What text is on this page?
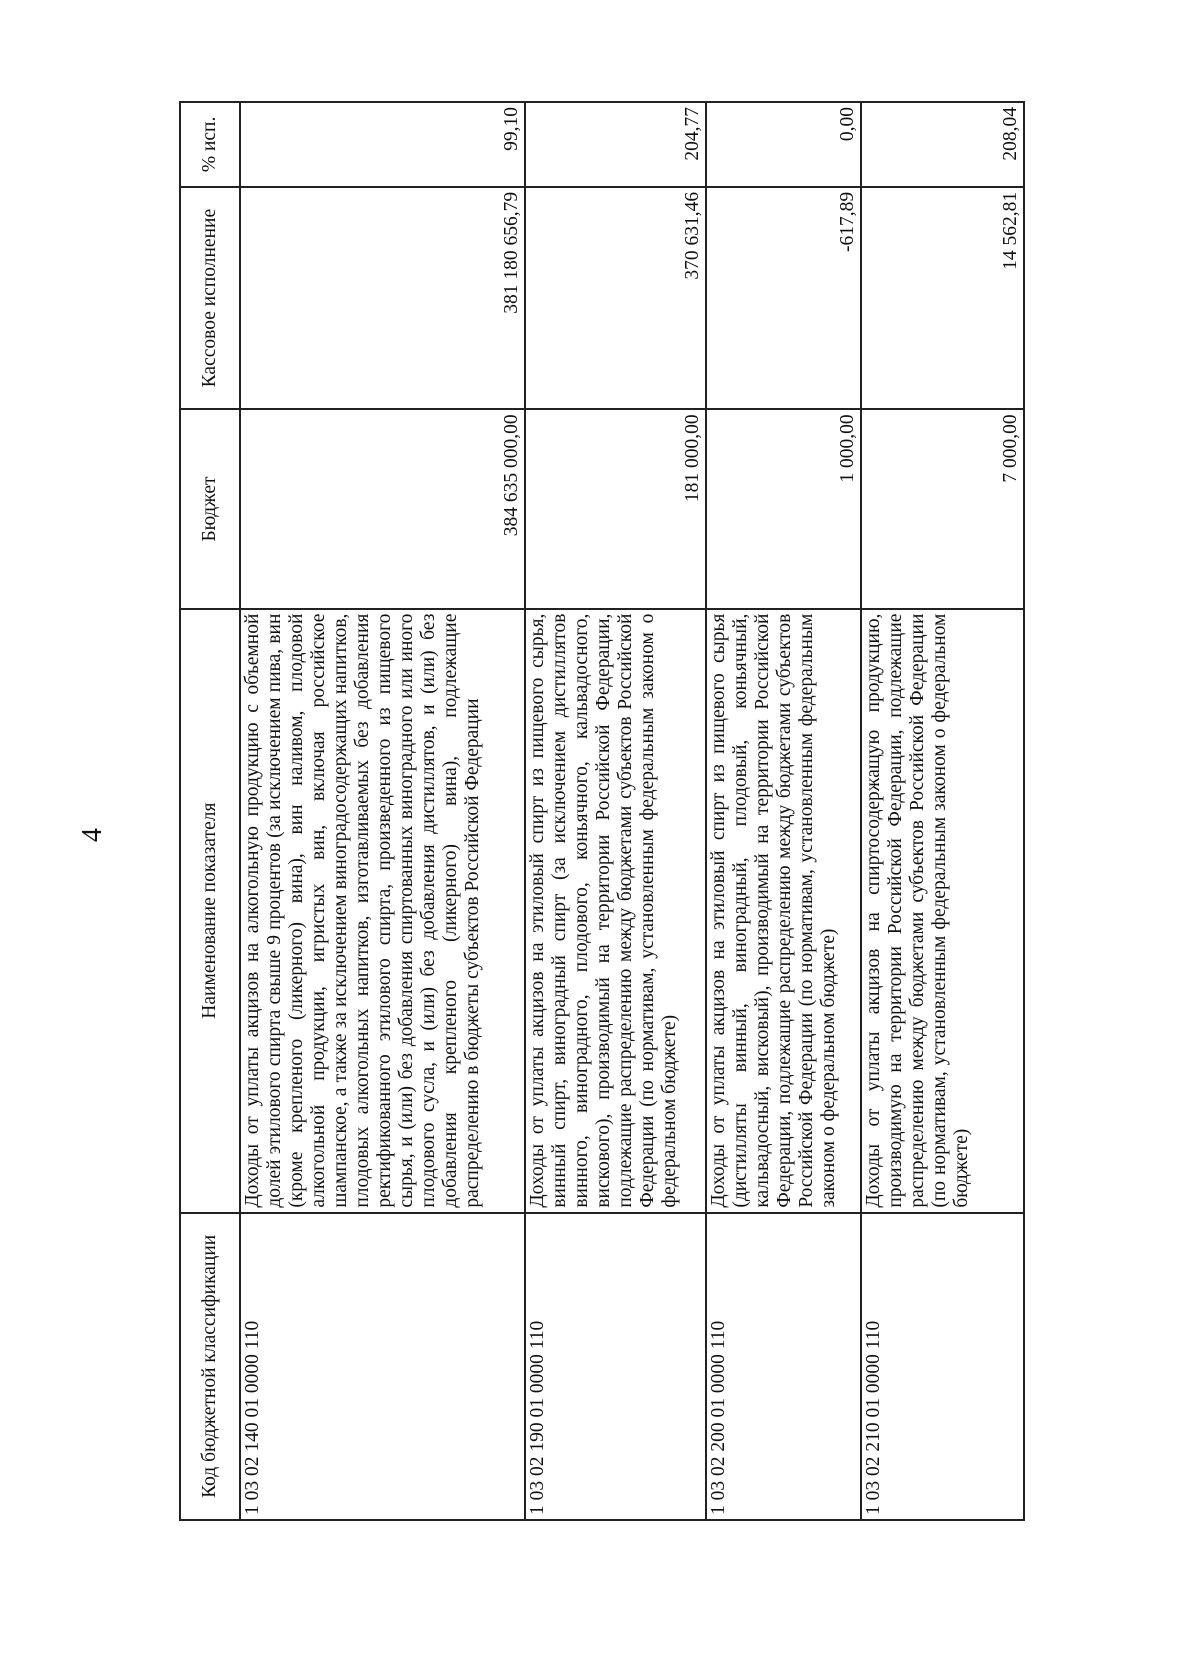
4
Код бюджетной классификации	Наименование показателя	Бюджет	Кассовое исполнение	% исп.
1 03 02 140 01 0000 110	Доходы от уплаты акцизов на алкогольную продукцию с объемной долей этилового спирта свыше 9 процентов (за исключением пива, вин (кроме крепленого (ликерного) вина), вин наливом, плодовой алкогольной продукции, игристых вин, включая российское шампанское, а также за исключением виноградосодержащих напитков, плодовых алкогольных напитков, изготавливаемых без добавления ректификованного этилового спирта, произведенного из пищевого сырья, и (или) без добавления спиртованных виноградного или иного плодового сусла, и (или) без добавления дистиллятов, и (или) без добавления крепленого (ликерного) вина), подлежащие распределению в бюджеты субъектов Российской Федерации	384 635 000,00	381 180 656,79	99,10
1 03 02 190 01 0000 110	Доходы от уплаты акцизов на этиловый спирт из пищевого сырья, винный спирт, виноградный спирт (за исключением дистиллятов винного, виноградного, плодового, коньячного, кальвадосного, вискового), производимый на территории Российской Федерации, подлежащие распределению между бюджетами субъектов Российской Федерации (по нормативам, установленным федеральным законом о федеральном бюджете)	181 000,00	370 631,46	204,77
1 03 02 200 01 0000 110	Доходы от уплаты акцизов на этиловый спирт из пищевого сырья (дистилляты винный, виноградный, плодовый, коньячный, кальвадосный, висковый), производимый на территории Российской Федерации, подлежащие распределению между бюджетами субъектов Российской Федерации (по нормативам, установленным федеральным законом о федеральном бюджете)	1 000,00	-617,89	0,00
1 03 02 210 01 0000 110	Доходы от уплаты акцизов на спиртосодержащую продукцию, производимую на территории Российской Федерации, подлежащие распределению между бюджетами субъектов Российской Федерации (по нормативам, установленным федеральным законом о федеральном бюджете)	7 000,00	14 562,81	208,04
